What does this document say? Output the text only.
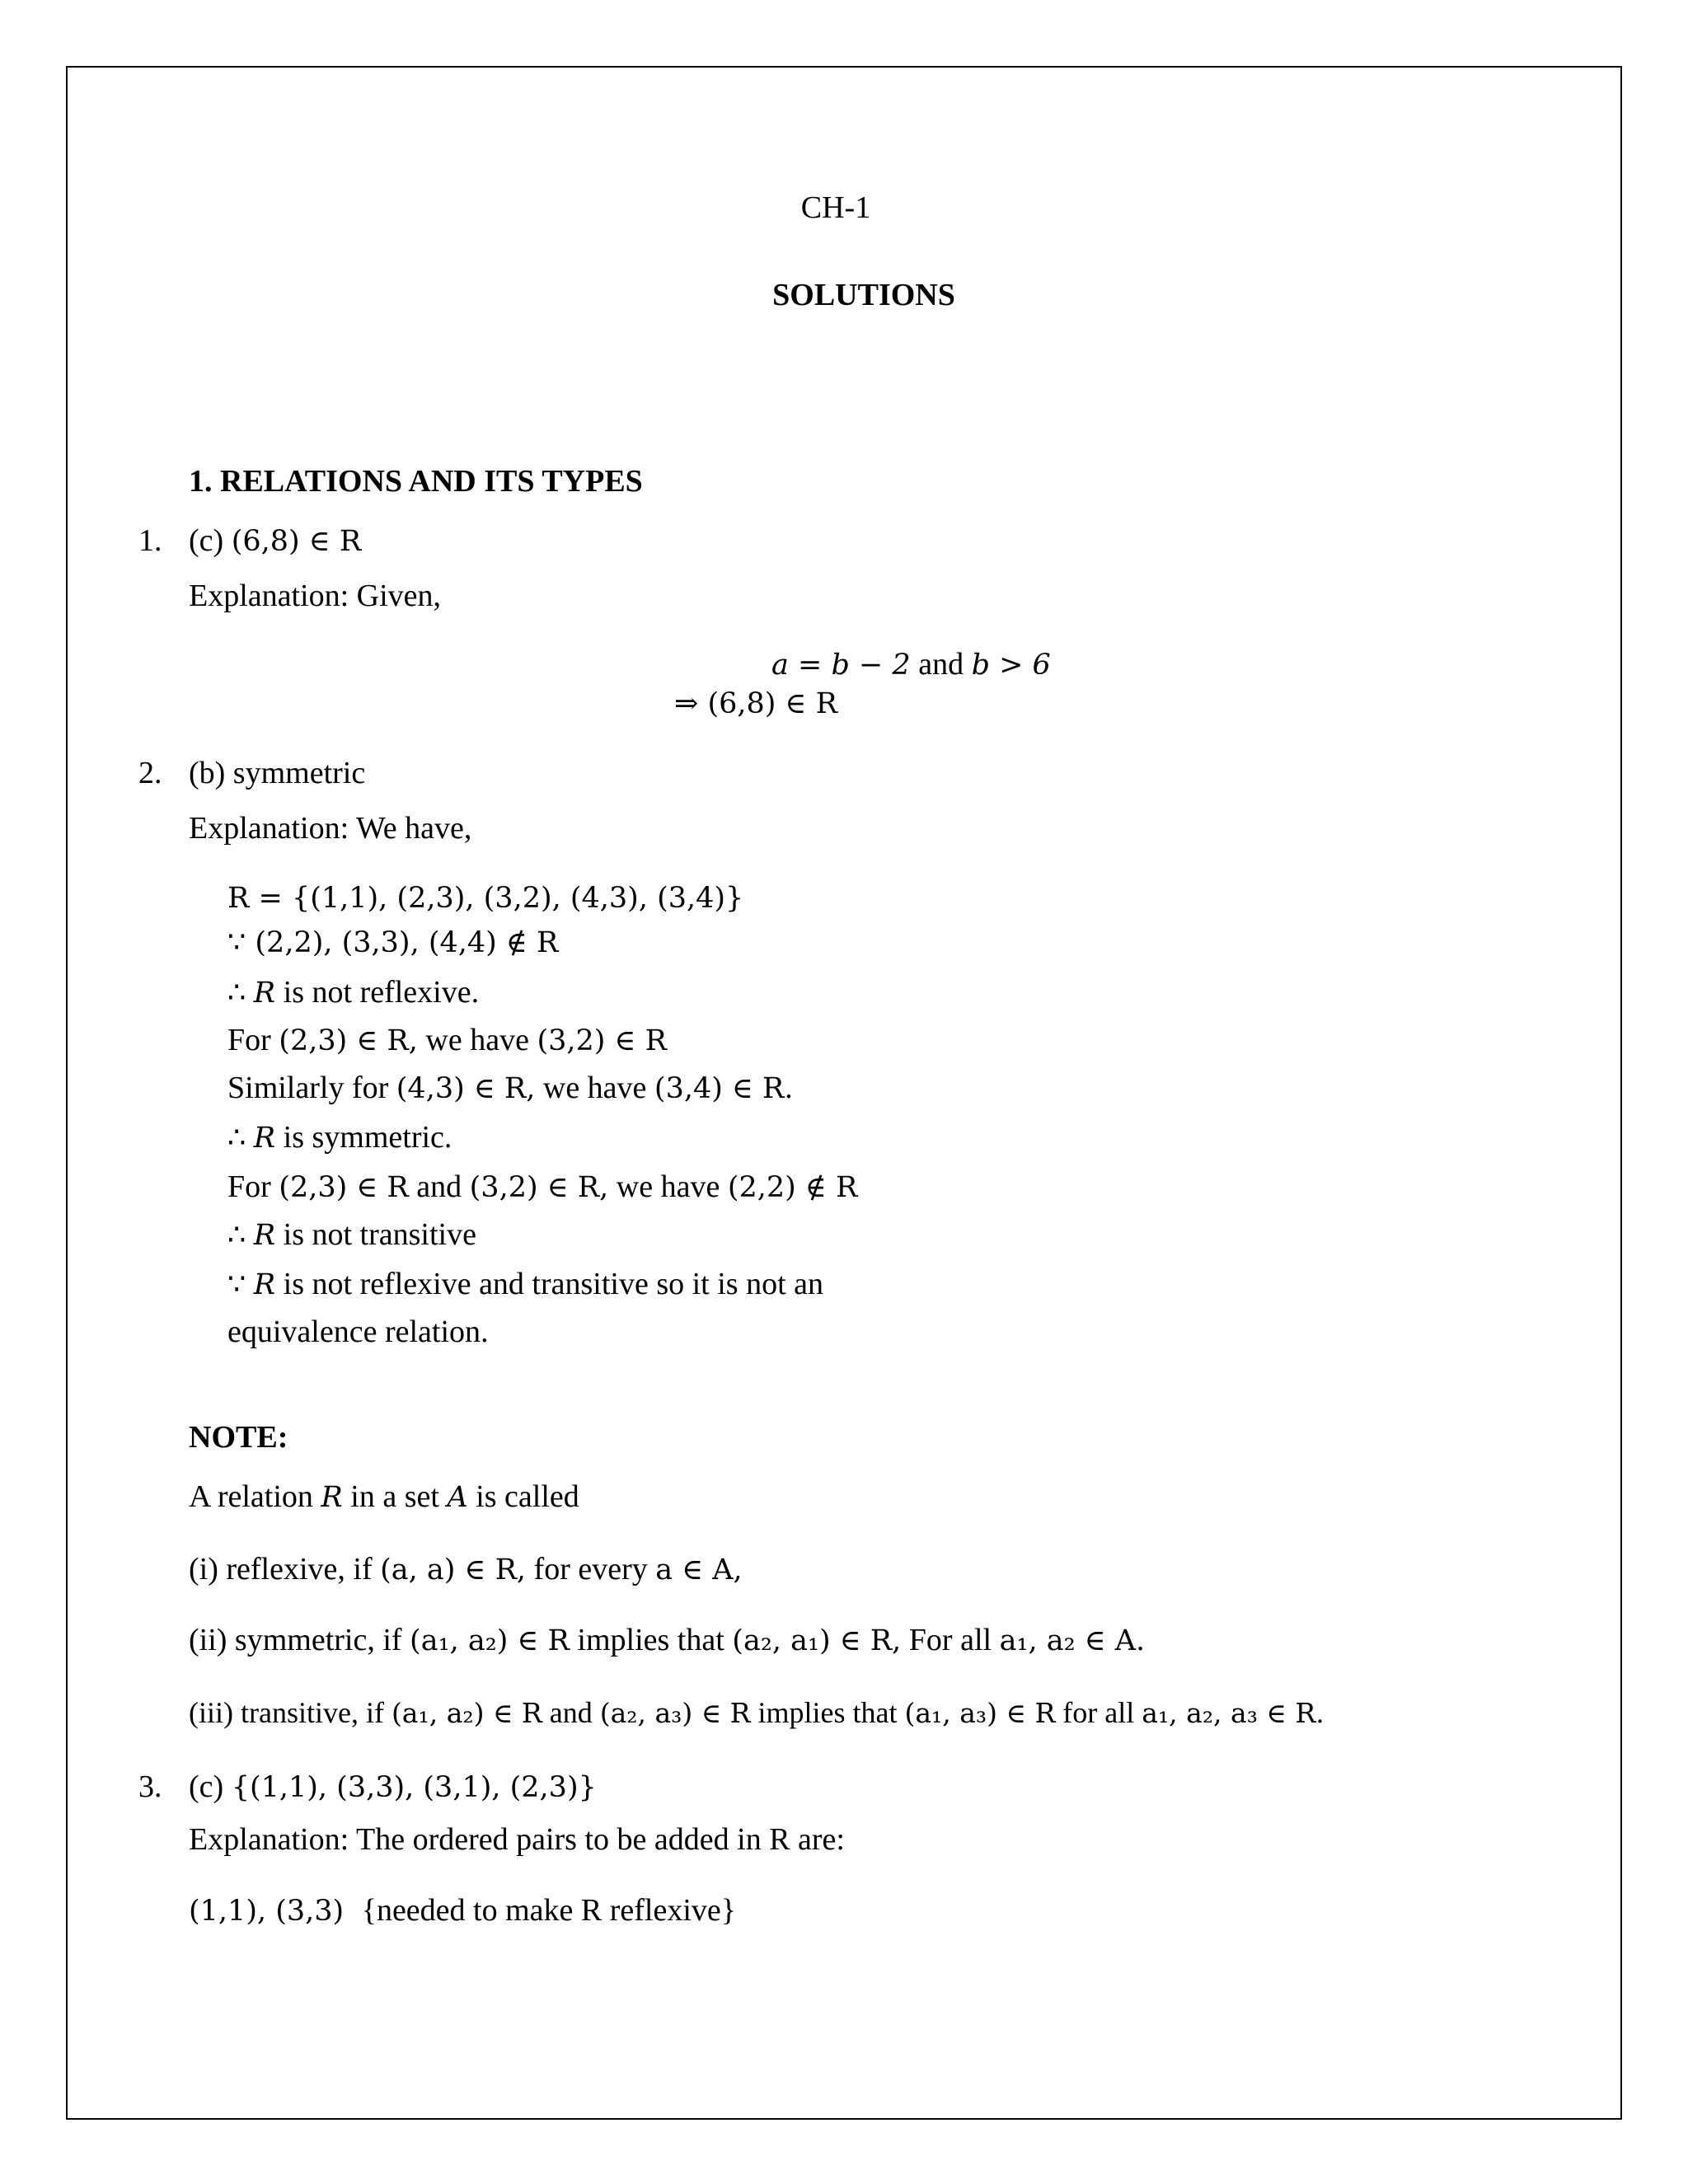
CH-1
SOLUTIONS
1. RELATIONS AND ITS TYPES
1. (c) (6,8) ∈ R
Explanation: Given,
a = b − 2 and b > 6
⇒ (6,8) ∈ R
2. (b) symmetric
Explanation: We have,
R = {(1,1), (2,3), (3,2), (4,3), (3,4)}
∵ (2,2), (3,3), (4,4) ∉ R
∴ R is not reflexive.
For (2,3) ∈ R, we have (3,2) ∈ R
Similarly for (4,3) ∈ R, we have (3,4) ∈ R.
∴ R is symmetric.
For (2,3) ∈ R and (3,2) ∈ R, we have (2,2) ∉ R
∴ R is not transitive
∵ R is not reflexive and transitive so it is not an
equivalence relation.
NOTE:
A relation R in a set A is called
(i) reflexive, if (a, a) ∈ R, for every a ∈ A,
(ii) symmetric, if (a₁, a₂) ∈ R implies that (a₂, a₁) ∈ R, For all a₁, a₂ ∈ A.
(iii) transitive, if (a₁, a₂) ∈ R and (a₂, a₃) ∈ R implies that (a₁, a₃) ∈ R for all a₁, a₂, a₃ ∈ R.
3. (c) {(1,1), (3,3), (3,1), (2,3)}
Explanation: The ordered pairs to be added in R are:
(1,1), (3,3) {needed to make R reflexive}
